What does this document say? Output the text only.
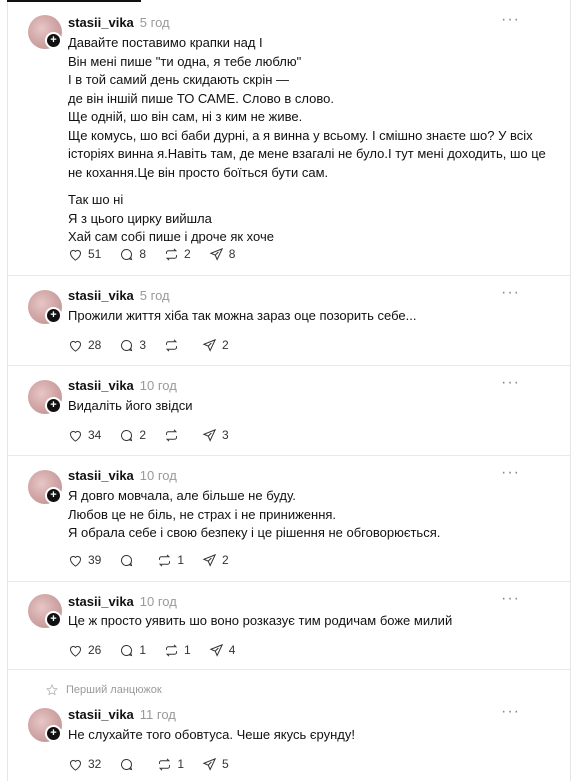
+
stasii_vika 5 год	···

Давайте поставимо крапки над І
Він мені пише "ти одна, я тебе люблю"
І в той самий день скидають скрін —
де він іншій пише ТО САМЕ. Слово в слово.
Ще одній, шо він сам, ні з ким не живе.
Ще комусь, шо всі баби дурні, а я винна у всьому. І смішно знаєте шо? У всіх історіях винна я.Навіть там, де мене взагалі не було.І тут мені доходить, шо це не кохання.Це він просто боїться бути сам.

Так шо ні
Я з цього цирку вийшла
Хай сам собі пише і дроче як хоче

51	8	2	8
+
stasii_vika 5 год	···

Прожили життя хіба так можна зараз оце позорить себе...

28	3	2
+
stasii_vika 10 год	···

Видаліть його звідси

34	2	3
+
stasii_vika 10 год	···

Я довго мовчала, але більше не буду.
Любов це не біль, не страх і не приниження.
Я обрала себе і свою безпеку і це рішення не обговорюється.

39	1	2
+
stasii_vika 10 год	···

Це ж просто уявить шо воно розказує тим родичам боже милий

26	1	1	4
Перший ланцюжок
+
stasii_vika 11 год	···

Не слухайте того обовтуса. Чеше якусь єрунду!

32	1	5
